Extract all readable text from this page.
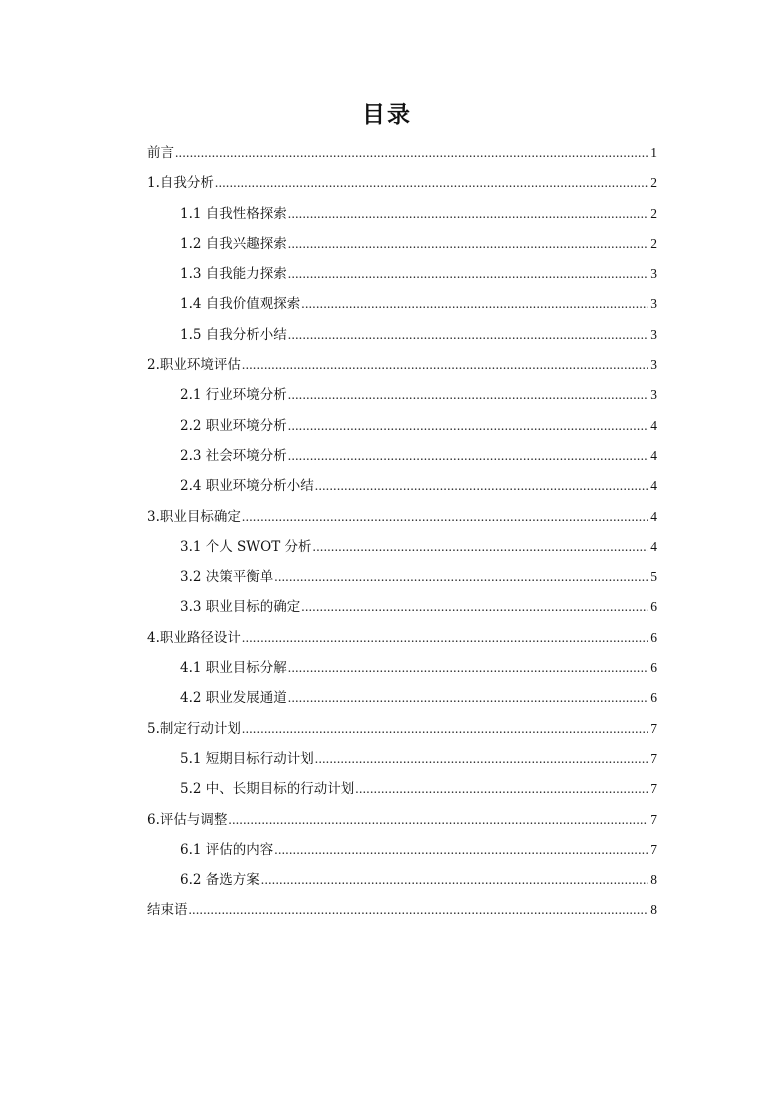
目录
前言 .....	1
1.自我分析 .....	2
1.1 自我性格探索 .....	2
1.2 自我兴趣探索 .....	2
1.3 自我能力探索 .....	3
1.4 自我价值观探索 .....	3
1.5 自我分析小结 .....	3
2.职业环境评估 .....	3
2.1 行业环境分析 .....	3
2.2 职业环境分析 .....	4
2.3 社会环境分析 .....	4
2.4 职业环境分析小结 .....	4
3.职业目标确定 .....	4
3.1 个人 SWOT 分析 .....	4
3.2 决策平衡单 .....	5
3.3 职业目标的确定 .....	6
4.职业路径设计 .....	6
4.1 职业目标分解 .....	6
4.2 职业发展通道 .....	6
5.制定行动计划 .....	7
5.1 短期目标行动计划 .....	7
5.2 中、长期目标的行动计划 .....	7
6.评估与调整 .....	7
6.1 评估的内容 .....	7
6.2 备选方案 .....	8
结束语 .....	8
